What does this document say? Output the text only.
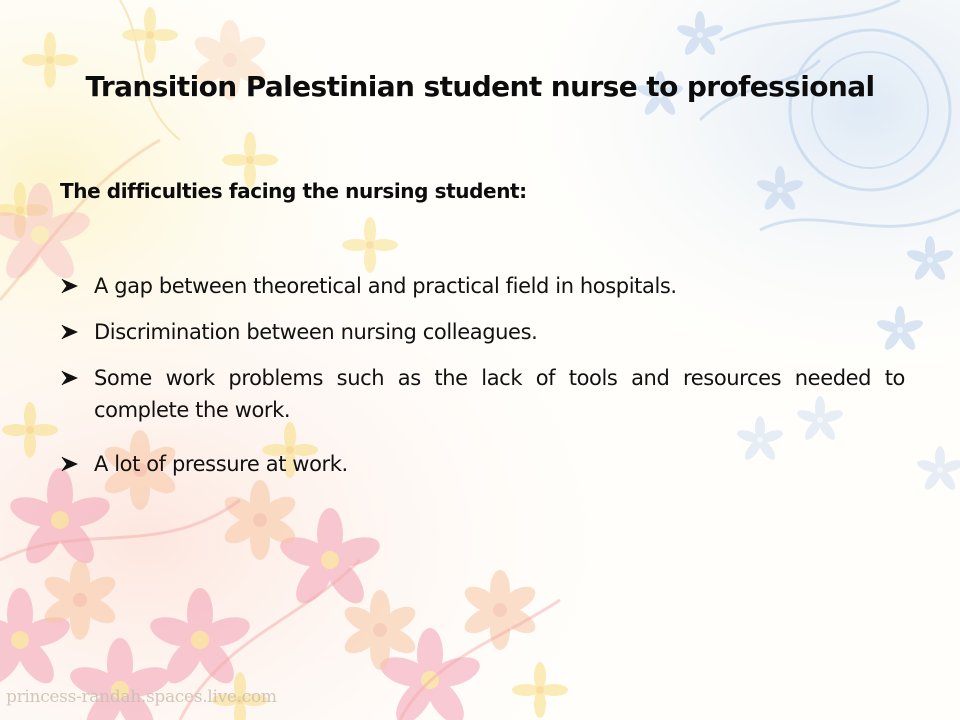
Transition Palestinian student nurse to professional
The difficulties facing the nursing student:
A gap between theoretical and practical field in hospitals.
Discrimination between nursing colleagues.
Some work problems such as the lack of tools and resources needed to complete the work.
A lot of pressure at work.
princess-randah.spaces.live.com
